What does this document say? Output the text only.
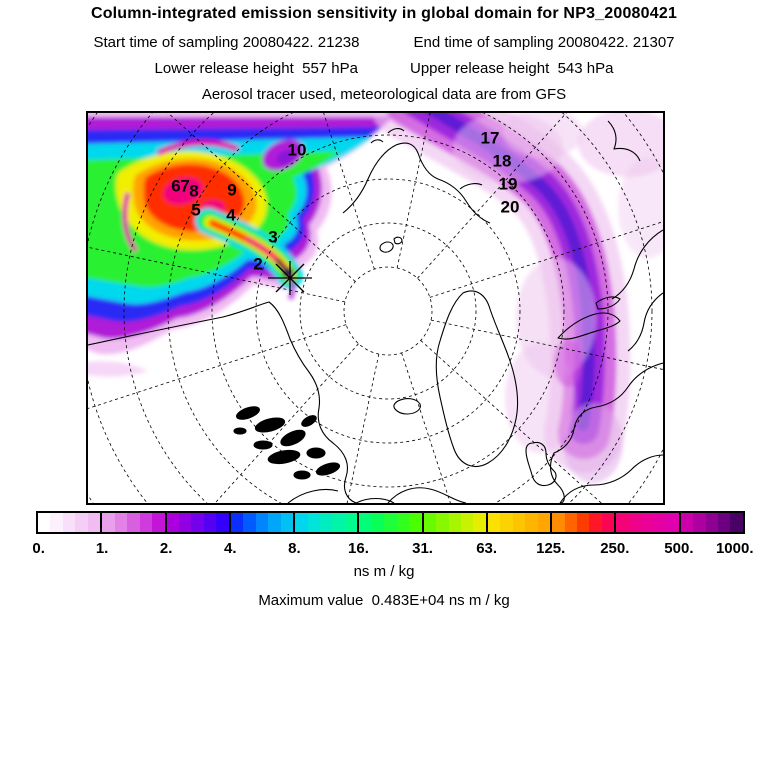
Column-integrated emission sensitivity in global domain for NP3_20080421
Start time of sampling 20080422. 21238	End time of sampling 20080422. 21307
Lower release height  557 hPa	Upper release height  543 hPa
Aerosol tracer used, meteorological data are from GFS
2
3
4
5
6 7 8 9
10
17
18
19
20
0.	1.	2.	4.	8.	16.	31.	63.	125. 250. 500. 1000.
ns m / kg
Maximum value  0.483E+04 ns m / kg
